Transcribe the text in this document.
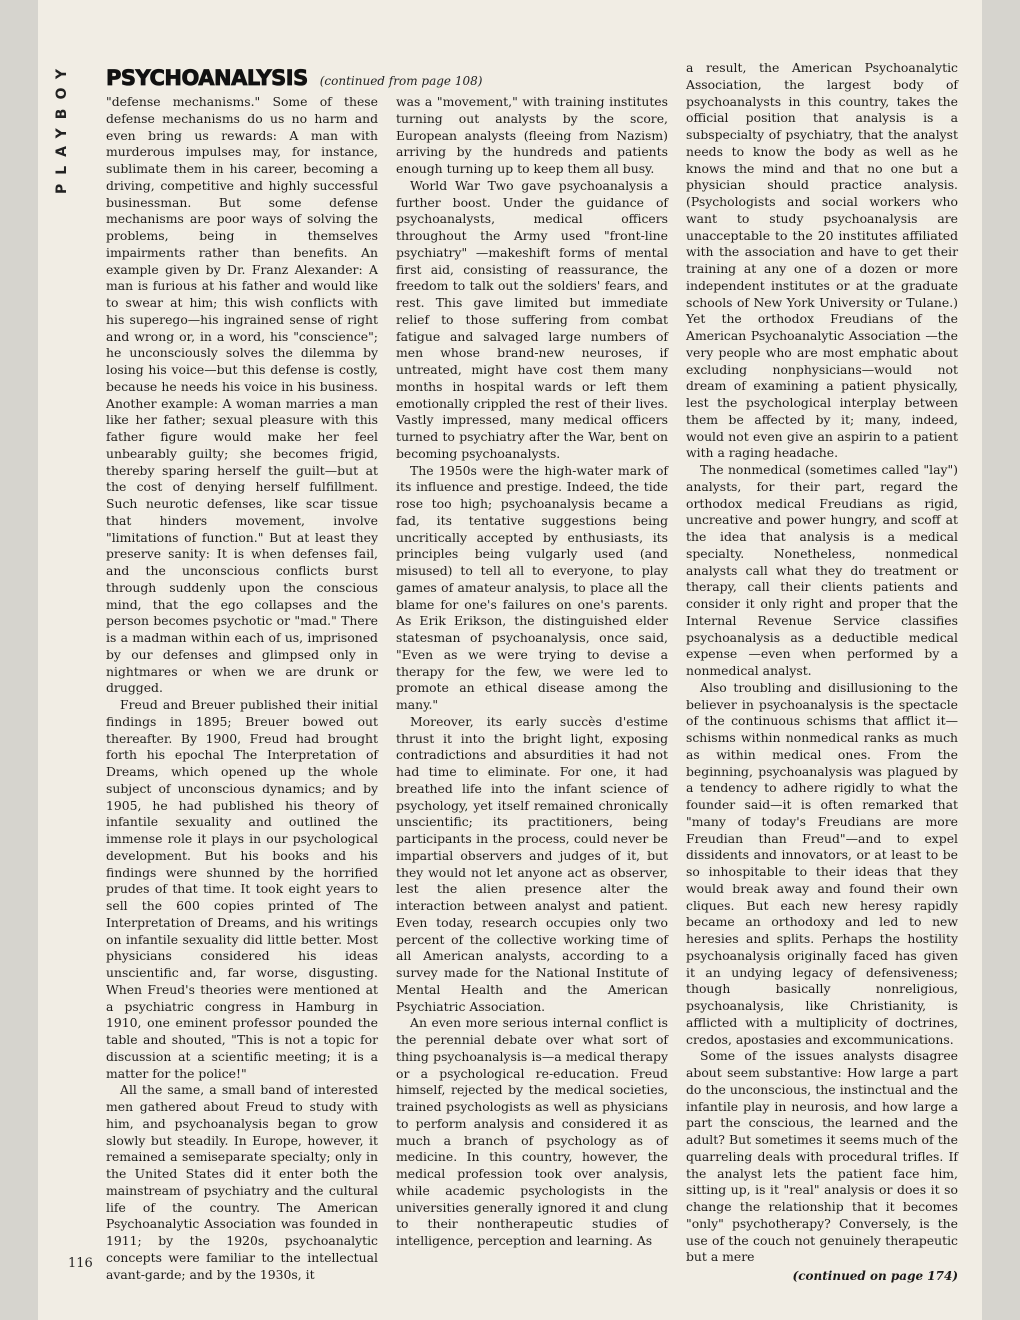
PLAYBOY PSYCHOANALYSIS (continued from page 108)

"defense mechanisms." Some of these defense mechanisms do us no harm and even bring us rewards: A man with murderous impulses may, for instance, sublimate them in his career, becoming a driving, competitive and highly successful businessman. But some defense mechanisms are poor ways of solving the problems, being in themselves impairments rather than benefits. An example given by Dr. Franz Alexander: A man is furious at his father and would like to swear at him; this wish conflicts with his superego—his ingrained sense of right and wrong or, in a word, his "conscience"; he unconsciously solves the dilemma by losing his voice—but this defense is costly, because he needs his voice in his business. Another example: A woman marries a man like her father; sexual pleasure with this father figure would make her feel unbearably guilty; she becomes frigid, thereby sparing herself the guilt—but at the cost of denying herself fulfillment. Such neurotic defenses, like scar tissue that hinders movement, involve "limitations of function." But at least they preserve sanity: It is when defenses fail, and the unconscious conflicts burst through suddenly upon the conscious mind, that the ego collapses and the person becomes psychotic or "mad." There is a madman within each of us, imprisoned by our defenses and glimpsed only in nightmares or when we are drunk or drugged.

Freud and Breuer published their initial findings in 1895; Breuer bowed out thereafter. By 1900, Freud had brought forth his epochal The Interpretation of Dreams, which opened up the whole subject of unconscious dynamics; and by 1905, he had published his theory of infantile sexuality and outlined the immense role it plays in our psychological development. But his books and his findings were shunned by the horrified prudes of that time. It took eight years to sell the 600 copies printed of The Interpretation of Dreams, and his writings on infantile sexuality did little better. Most physicians considered his ideas unscientific and, far worse, disgusting. When Freud's theories were mentioned at a psychiatric congress in Hamburg in 1910, one eminent professor pounded the table and shouted, "This is not a topic for discussion at a scientific meeting; it is a matter for the police!"

All the same, a small band of interested men gathered about Freud to study with him, and psychoanalysis began to grow slowly but steadily. In Europe, however, it remained a semiseparate specialty; only in the United States did it enter both the mainstream of psychiatry and the cultural life of the country. The American Psychoanalytic Association was founded in 1911; by the 1920s, psychoanalytic concepts were familiar to the intellectual avant-garde; and by the 1930s, it

was a "movement," with training institutes turning out analysts by the score, European analysts (fleeing from Nazism) arriving by the hundreds and patients enough turning up to keep them all busy.

World War Two gave psychoanalysis a further boost. Under the guidance of psychoanalysts, medical officers throughout the Army used "front-line psychiatry" —makeshift forms of mental first aid, consisting of reassurance, the freedom to talk out the soldiers' fears, and rest. This gave limited but immediate relief to those suffering from combat fatigue and salvaged large numbers of men whose brand-new neuroses, if untreated, might have cost them many months in hospital wards or left them emotionally crippled the rest of their lives. Vastly impressed, many medical officers turned to psychiatry after the War, bent on becoming psychoanalysts.

The 1950s were the high-water mark of its influence and prestige. Indeed, the tide rose too high; psychoanalysis became a fad, its tentative suggestions being uncritically accepted by enthusiasts, its principles being vulgarly used (and misused) to tell all to everyone, to play games of amateur analysis, to place all the blame for one's failures on one's parents. As Erik Erikson, the distinguished elder statesman of psychoanalysis, once said, "Even as we were trying to devise a therapy for the few, we were led to promote an ethical disease among the many."

Moreover, its early succès d'estime thrust it into the bright light, exposing contradictions and absurdities it had not had time to eliminate. For one, it had breathed life into the infant science of psychology, yet itself remained chronically unscientific; its practitioners, being participants in the process, could never be impartial observers and judges of it, but they would not let anyone act as observer, lest the alien presence alter the interaction between analyst and patient. Even today, research occupies only two percent of the collective working time of all American analysts, according to a survey made for the National Institute of Mental Health and the American Psychiatric Association.

An even more serious internal conflict is the perennial debate over what sort of thing psychoanalysis is—a medical therapy or a psychological re-education. Freud himself, rejected by the medical societies, trained psychologists as well as physicians to perform analysis and considered it as much a branch of psychology as of medicine. In this country, however, the medical profession took over analysis, while academic psychologists in the universities generally ignored it and clung to their nontherapeutic studies of intelligence, perception and learning. As

a result, the American Psychoanalytic Association, the largest body of psychoanalysts in this country, takes the official position that analysis is a subspecialty of psychiatry, that the analyst needs to know the body as well as he knows the mind and that no one but a physician should practice analysis. (Psychologists and social workers who want to study psychoanalysis are unacceptable to the 20 institutes affiliated with the association and have to get their training at any one of a dozen or more independent institutes or at the graduate schools of New York University or Tulane.) Yet the orthodox Freudians of the American Psychoanalytic Association —the very people who are most emphatic about excluding nonphysicians—would not dream of examining a patient physically, lest the psychological interplay between them be affected by it; many, indeed, would not even give an aspirin to a patient with a raging headache.

The nonmedical (sometimes called "lay") analysts, for their part, regard the orthodox medical Freudians as rigid, uncreative and power hungry, and scoff at the idea that analysis is a medical specialty. Nonetheless, nonmedical analysts call what they do treatment or therapy, call their clients patients and consider it only right and proper that the Internal Revenue Service classifies psychoanalysis as a deductible medical expense —even when performed by a nonmedical analyst.

Also troubling and disillusioning to the believer in psychoanalysis is the spectacle of the continuous schisms that afflict it—schisms within nonmedical ranks as much as within medical ones. From the beginning, psychoanalysis was plagued by a tendency to adhere rigidly to what the founder said—it is often remarked that "many of today's Freudians are more Freudian than Freud"—and to expel dissidents and innovators, or at least to be so inhospitable to their ideas that they would break away and found their own cliques. But each new heresy rapidly became an orthodoxy and led to new heresies and splits. Perhaps the hostility psychoanalysis originally faced has given it an undying legacy of defensiveness; though basically nonreligious, psychoanalysis, like Christianity, is afflicted with a multiplicity of doctrines, credos, apostasies and excommunications.

Some of the issues analysts disagree about seem substantive: How large a part do the unconscious, the instinctual and the infantile play in neurosis, and how large a part the conscious, the learned and the adult? But sometimes it seems much of the quarreling deals with procedural trifles. If the analyst lets the patient face him, sitting up, is it "real" analysis or does it so change the relationship that it becomes "only" psychotherapy? Conversely, is the use of the couch not genuinely therapeutic but a mere

(continued on page 174)
116
